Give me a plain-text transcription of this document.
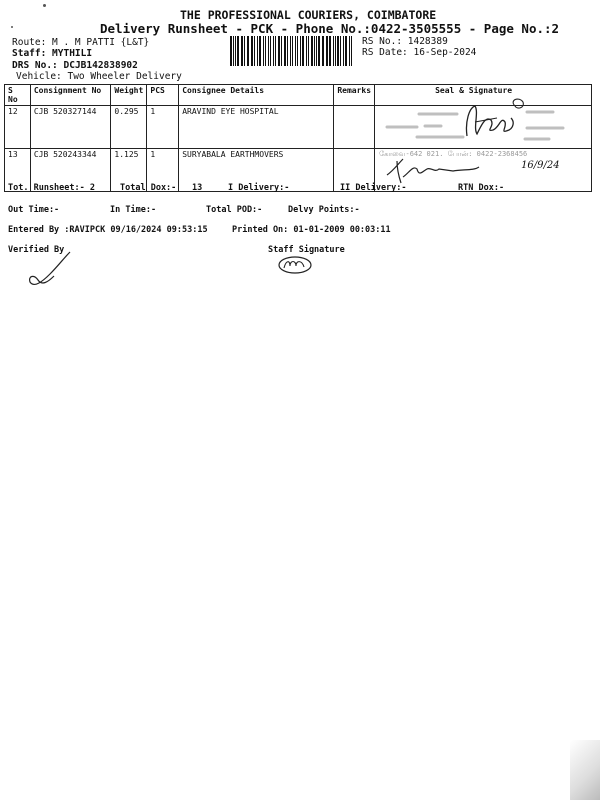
THE PROFESSIONAL COURIERS, COIMBATORE
Delivery Runsheet - PCK - Phone No.:0422-3505555 - Page No.:2
Route: M . M PATTI {L&T}
Staff: MYTHILI
DRS No.: DCJB142838902
Vehicle: Two Wheeler Delivery
RS No.: 1428389
RS Date: 16-Sep-2024
S No	Consignment No	Weight	PCS	Consignee Details	Remarks	Seal & Signature
12	CJB 520327144	0.295	1	ARAVIND EYE HOSPITAL		

13	CJB 520243344	1.125	1	SURYABALA EARTHMOVERS		கோவை-642 021. போன்: 0422-2368456
16/9/24
Tot. Runsheet:- 2	Total Dox:- 13	I Delivery:-	II Delivery:-	RTN Dox:-
Out Time:-	In Time:-	Total POD:-	Delvy Points:-
Entered By :RAVIPCK 09/16/2024 09:53:15	Printed On: 01-01-2009 00:03:11
Verified By	Staff Signature
